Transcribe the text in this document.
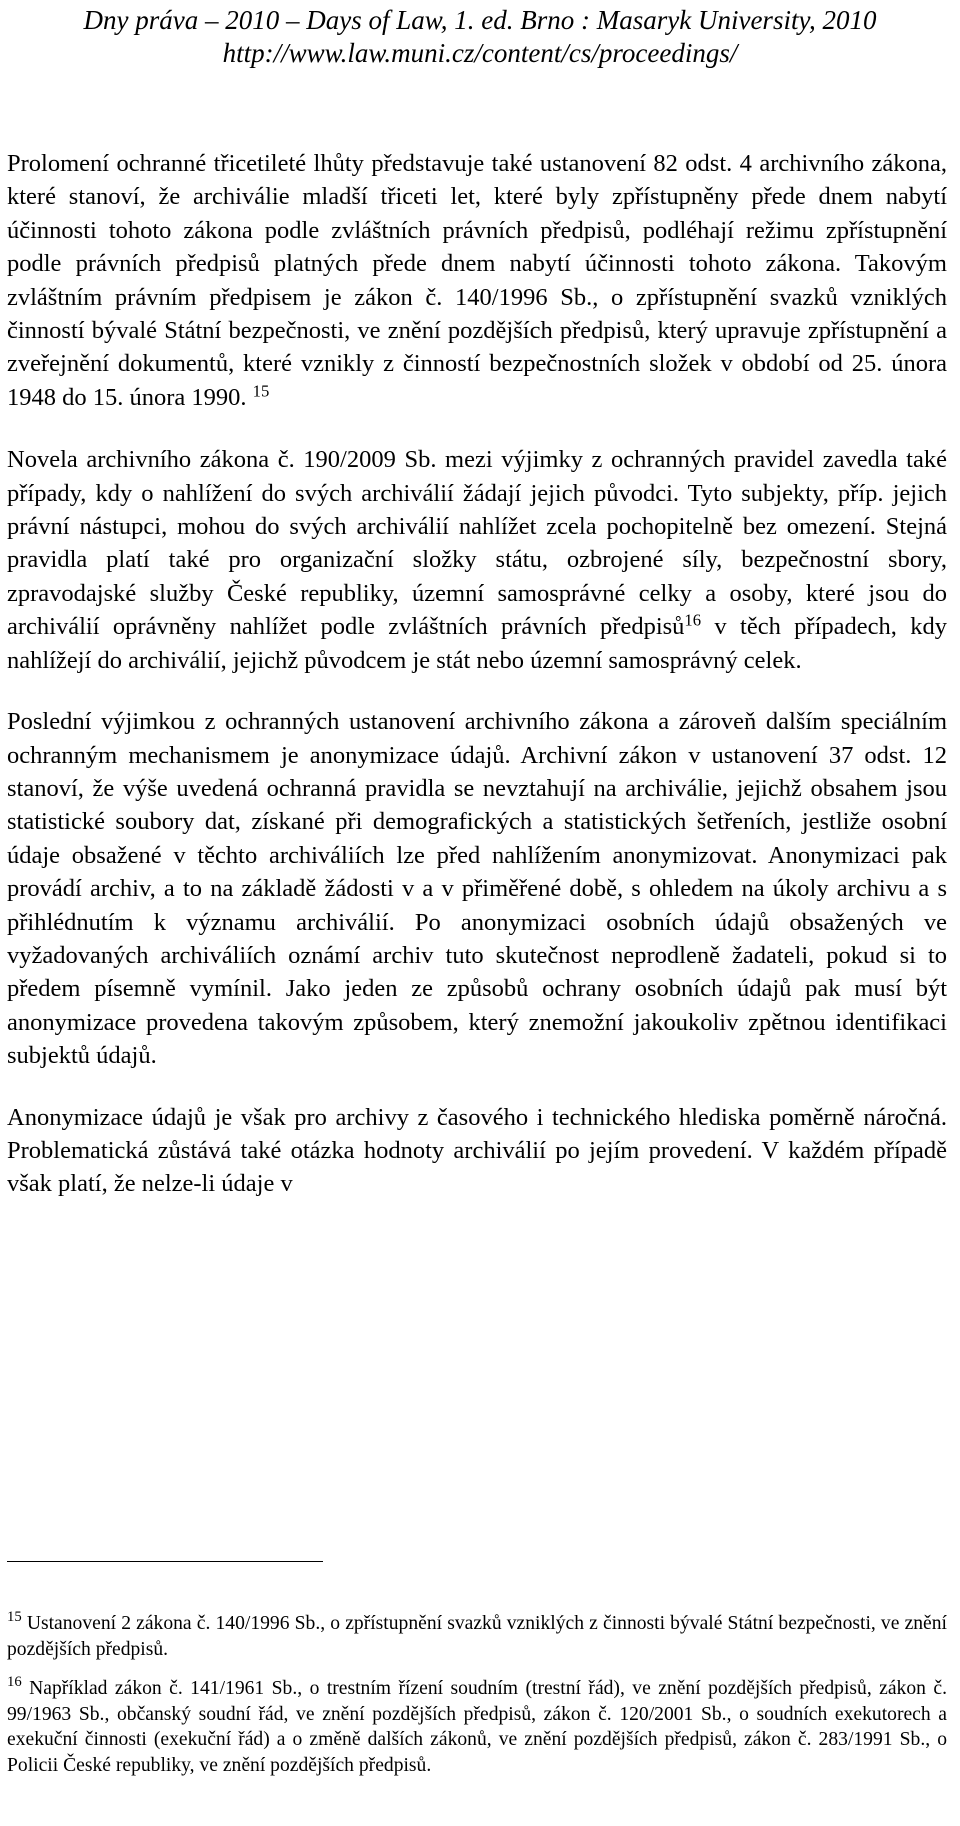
Dny práva – 2010 – Days of Law, 1. ed. Brno : Masaryk University, 2010
http://www.law.muni.cz/content/cs/proceedings/

Prolomení ochranné třicetileté lhůty představuje také ustanovení 82 odst. 4 archivního zákona, které stanoví, že archiválie mladší třiceti let, které byly zpřístupněny přede dnem nabytí účinnosti tohoto zákona podle zvláštních právních předpisů, podléhají režimu zpřístupnění podle právních předpisů platných přede dnem nabytí účinnosti tohoto zákona. Takovým zvláštním právním předpisem je zákon č. 140/1996 Sb., o zpřístupnění svazků vzniklých činností bývalé Státní bezpečnosti, ve znění pozdějších předpisů, který upravuje zpřístupnění a zveřejnění dokumentů, které vznikly z činností bezpečnostních složek v období od 25. února 1948 do 15. února 1990. $^{15}$

Novela archivního zákona č. 190/2009 Sb. mezi výjimky z ochranných pravidel zavedla také případy, kdy o nahlížení do svých archiválií žádají jejich původci. Tyto subjekty, příp. jejich právní nástupci, mohou do svých archiválií nahlížet zcela pochopitelně bez omezení. Stejná pravidla platí také pro organizační složky státu, ozbrojené síly, bezpečnostní sbory, zpravodajské služby České republiky, územní samosprávné celky a osoby, které jsou do archiválií oprávněny nahlížet podle zvláštních právních předpisů$^{16}$ v těch případech, kdy nahlížejí do archiválií, jejichž původcem je stát nebo územní samosprávný celek.

Poslední výjimkou z ochranných ustanovení archivního zákona a zároveň dalším speciálním ochranným mechanismem je anonymizace údajů. Archivní zákon v ustanovení 37 odst. 12 stanoví, že výše uvedená ochranná pravidla se nevztahují na archiválie, jejichž obsahem jsou statistické soubory dat, získané při demografických a statistických šetřeních, jestliže osobní údaje obsažené v těchto archiváliích lze před nahlížením anonymizovat. Anonymizaci pak provádí archiv, a to na základě žádosti v a v přiměřené době, s ohledem na úkoly archivu a s přihlédnutím k významu archiválií. Po anonymizaci osobních údajů obsažených ve vyžadovaných archiváliích oznámí archiv tuto skutečnost neprodleně žadateli, pokud si to předem písemně vymínil. Jako jeden ze způsobů ochrany osobních údajů pak musí být anonymizace provedena takovým způsobem, který znemožní jakoukoliv zpětnou identifikaci subjektů údajů.

Anonymizace údajů je však pro archivy z časového i technického hlediska poměrně náročná. Problematická zůstává také otázka hodnoty archiválií po jejím provedení. V každém případě však platí, že nelze-li údaje v

$^{15}$ Ustanovení 2 zákona č. 140/1996 Sb., o zpřístupnění svazků vzniklých z činnosti bývalé Státní bezpečnosti, ve znění pozdějších předpisů.

$^{16}$ Například zákon č. 141/1961 Sb., o trestním řízení soudním (trestní řád), ve znění pozdějších předpisů, zákon č. 99/1963 Sb., občanský soudní řád, ve znění pozdějších předpisů, zákon č. 120/2001 Sb., o soudních exekutorech a exekuční činnosti (exekuční řád) a o změně dalších zákonů, ve znění pozdějších předpisů, zákon č. 283/1991 Sb., o Policii České republiky, ve znění pozdějších předpisů.
